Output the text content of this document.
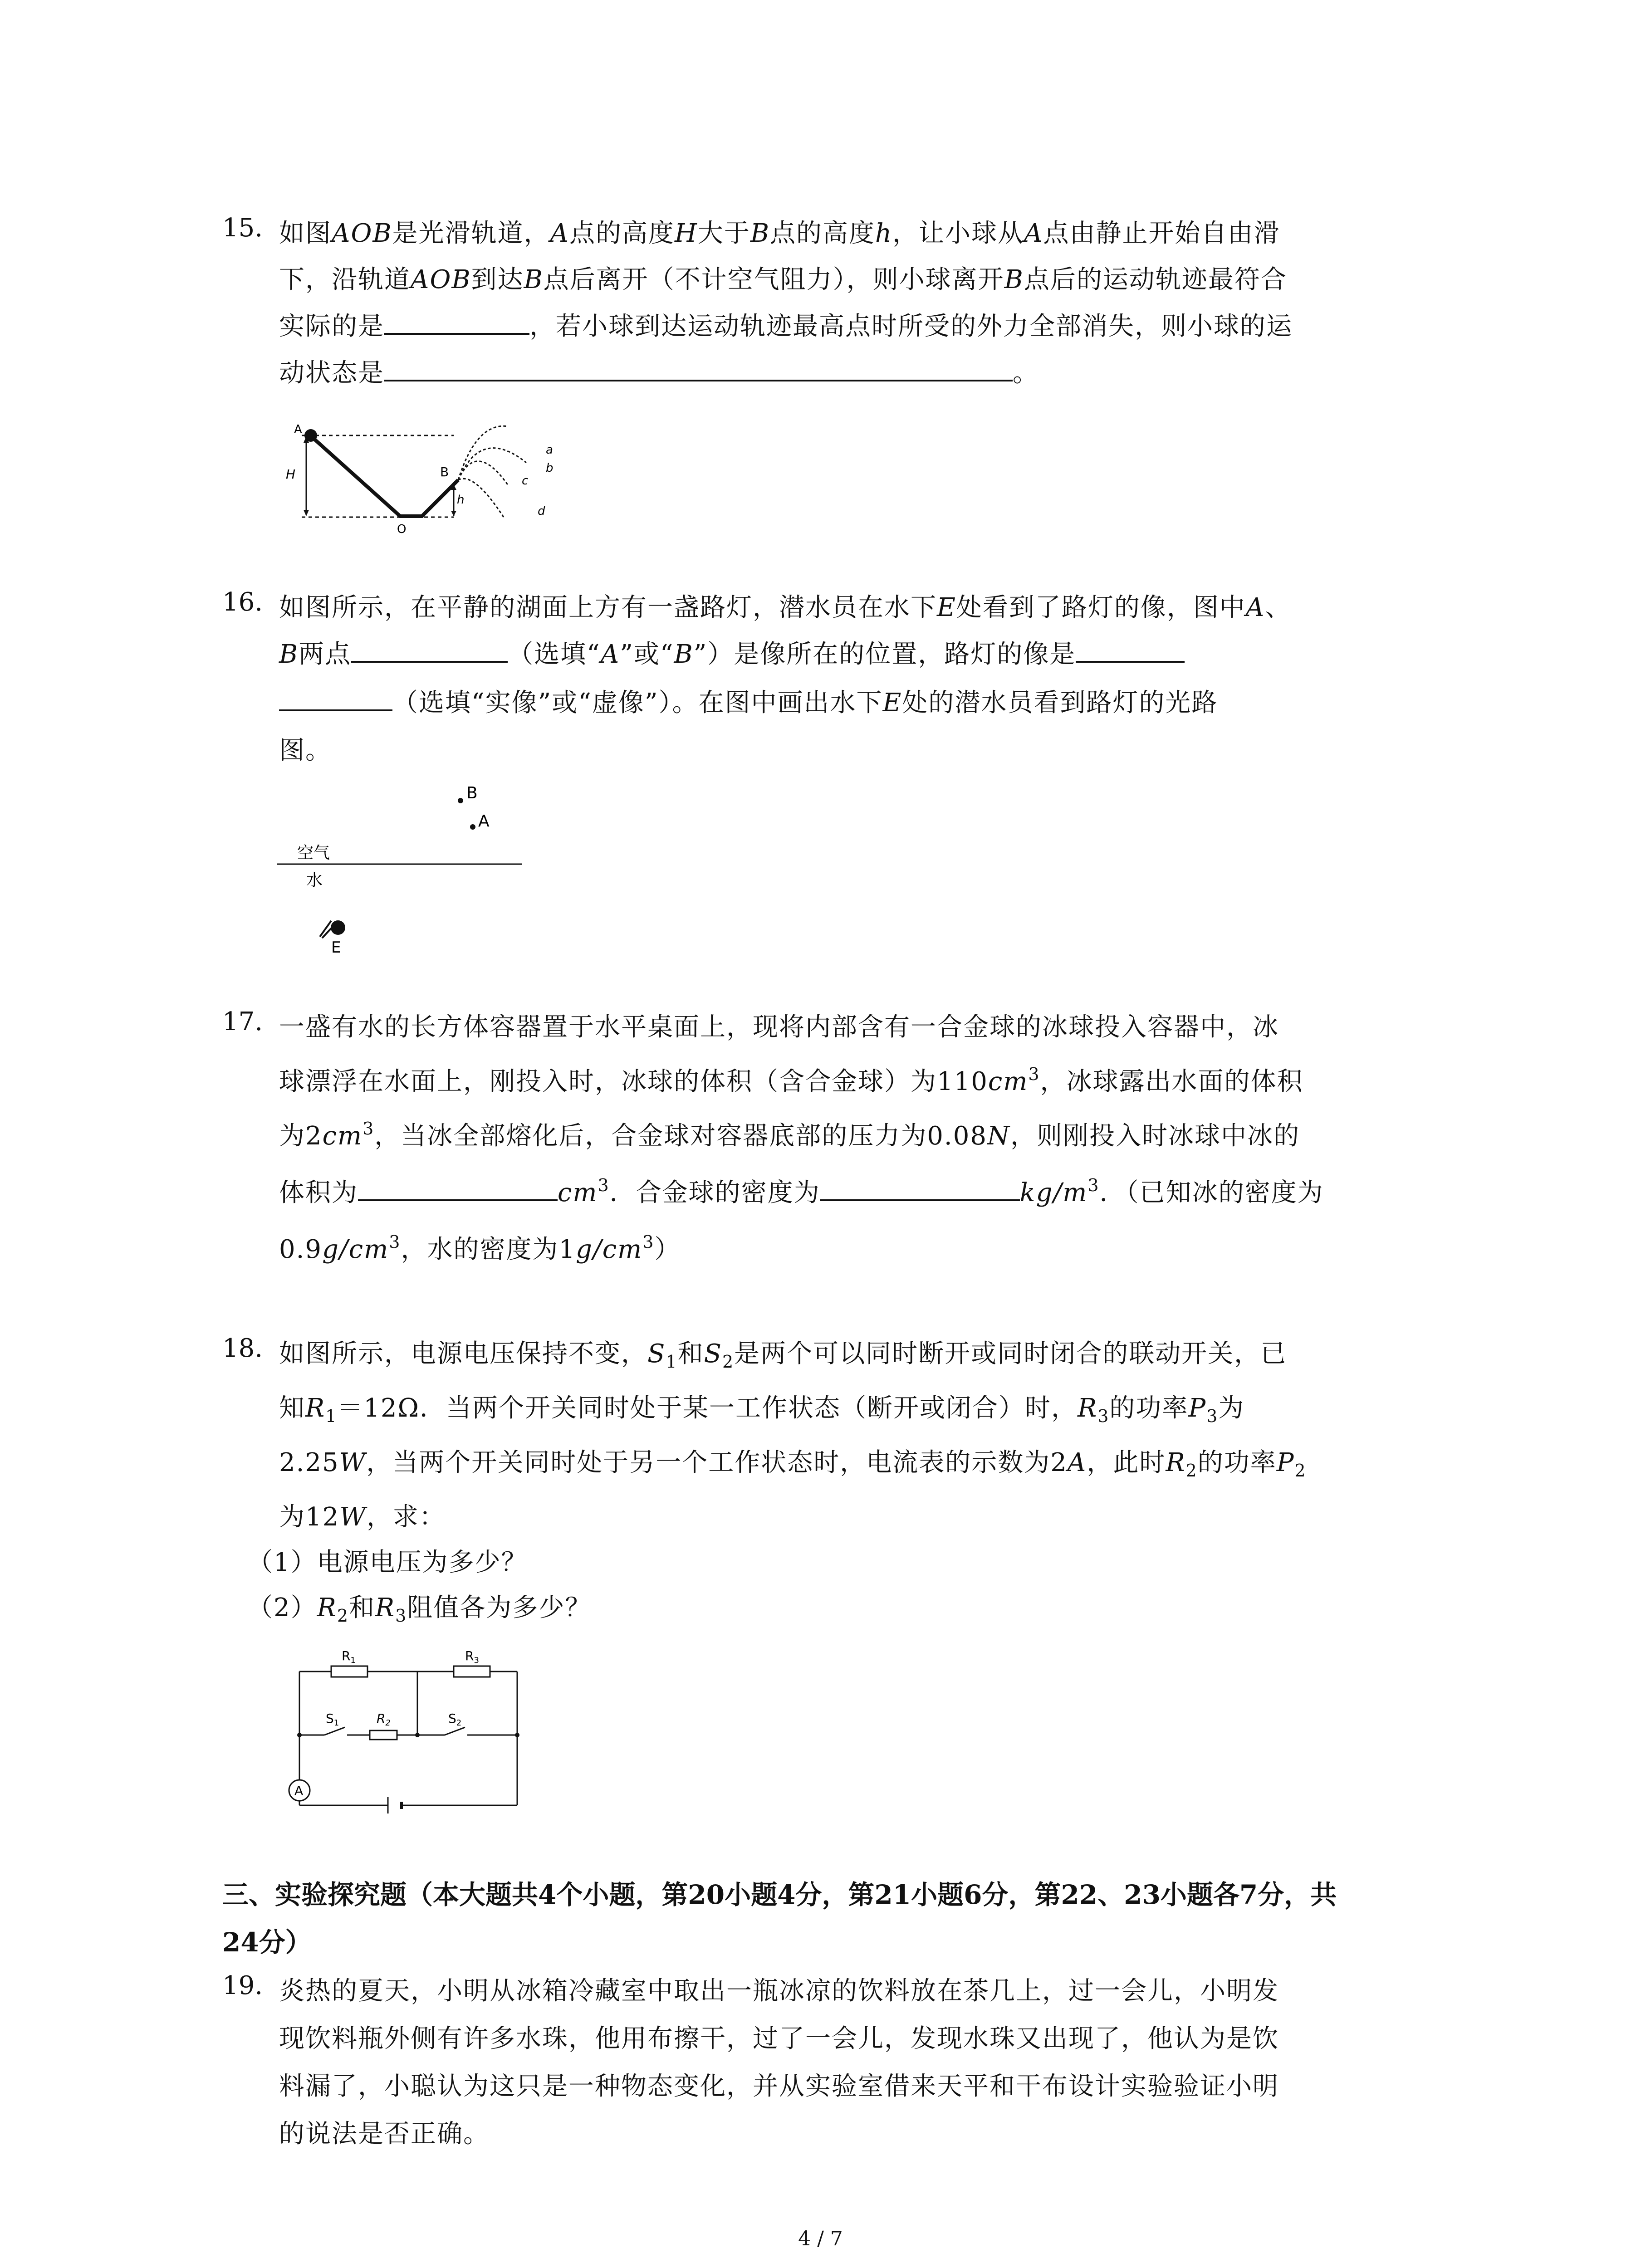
15. 如图AOB是光滑轨道，A点的高度H大于B点的高度h，让小球从A点由静止开始自由滑
下，沿轨道AOB到达B点后离开（不计空气阻力），则小球离开B点后的运动轨迹最符合
实际的是	，若小球到达运动轨迹最高点时所受的外力全部消失，则小球的运
动状态是	。
A
H	B
h
O
a
b
c
d
16. 如图所示，在平静的湖面上方有一盏路灯，潜水员在水下E处看到了路灯的像，图中A、
B两点	（选填“A”或“B”）是像所在的位置，路灯的像是
（选填“实像”或“虚像”）。在图中画出水下E处的潜水员看到路灯的光路
图。
B
A
空气
水
E
17. 一盛有水的长方体容器置于水平桌面上，现将内部含有一合金球的冰球投入容器中，冰
球漂浮在水面上，刚投入时，冰球的体积（含合金球）为$110cm^3$，冰球露出水面的体积
为$2cm^3$，当冰全部熔化后，合金球对容器底部的压力为0.08N，则刚投入时冰球中冰的
体积为	$cm^3$．合金球的密度为	$kg/m^3$．（已知冰的密度为
$0.9g/cm^3$，水的密度为$1g/cm^3$）
18. 如图所示，电源电压保持不变，$S_1$和$S_2$是两个可以同时断开或同时闭合的联动开关，已
知$R_1=12\Omega$．当两个开关同时处于某一工作状态（断开或闭合）时，$R_3$的功率$P_3$为
2.25W，当两个开关同时处于另一个工作状态时，电流表的示数为2A，此时$R_2$的功率$P_2$
为12W，求：
（1）电源电压为多少？
$(2)R_2$和$R_3$阻值各为多少？
A
$R_1$	$R_3$
$S_1$	$R_2$	$S_2$
三、实验探究题（本大题共4个小题，第20小题4分，第21小题6分，第22、23小题各7分，共
24分）
19. 炎热的夏天，小明从冰箱冷藏室中取出一瓶冰凉的饮料放在茶几上，过一会儿，小明发
现饮料瓶外侧有许多水珠，他用布擦干，过了一会儿，发现水珠又出现了，他认为是饮
料漏了，小聪认为这只是一种物态变化，并从实验室借来天平和干布设计实验验证小明
的说法是否正确。
4 / 7
